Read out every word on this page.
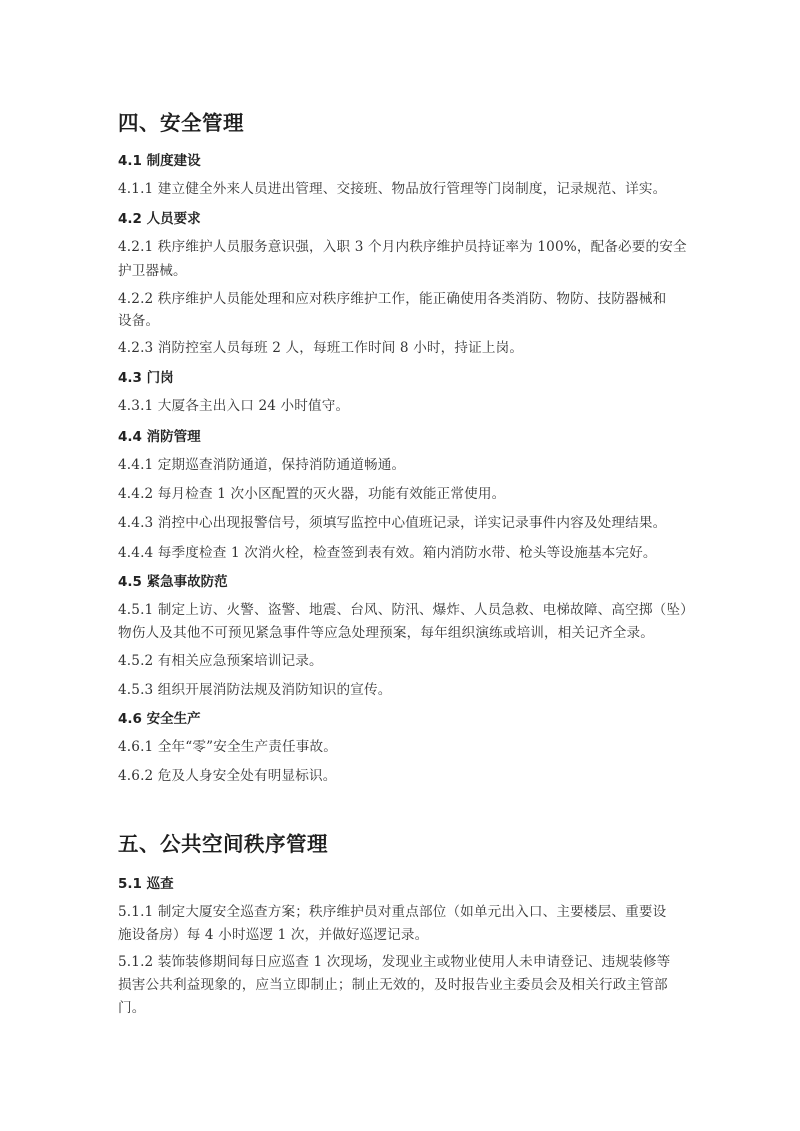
四、安全管理
4.1 制度建设

4.1.1 建立健全外来人员进出管理、交接班、物品放行管理等门岗制度，记录规范、详实。

4.2 人员要求

4.2.1 秩序维护人员服务意识强，入职 3 个月内秩序维护员持证率为 100%，配备必要的安全

护卫器械。

4.2.2 秩序维护人员能处理和应对秩序维护工作，能正确使用各类消防、物防、技防器械和

设备。

4.2.3 消防控室人员每班 2 人，每班工作时间 8 小时，持证上岗。

4.3 门岗

4.3.1 大厦各主出入口 24 小时值守。

4.4 消防管理

4.4.1 定期巡查消防通道，保持消防通道畅通。

4.4.2 每月检查 1 次小区配置的灭火器，功能有效能正常使用。

4.4.3 消控中心出现报警信号，须填写监控中心值班记录，详实记录事件内容及处理结果。

4.4.4 每季度检查 1 次消火栓，检查签到表有效。箱内消防水带、枪头等设施基本完好。

4.5 紧急事故防范

4.5.1 制定上访、火警、盗警、地震、台风、防汛、爆炸、人员急救、电梯故障、高空掷（坠）

物伤人及其他不可预见紧急事件等应急处理预案，每年组织演练或培训，相关记齐全录。

4.5.2 有相关应急预案培训记录。

4.5.3 组织开展消防法规及消防知识的宣传。

4.6 安全生产

4.6.1 全年“零”安全生产责任事故。

4.6.2 危及人身安全处有明显标识。

五、公共空间秩序管理
5.1 巡查

5.1.1 制定大厦安全巡查方案；秩序维护员对重点部位（如单元出入口、主要楼层、重要设

施设备房）每 4 小时巡逻 1 次，并做好巡逻记录。

5.1.2 装饰装修期间每日应巡查 1 次现场，发现业主或物业使用人未申请登记、违规装修等

损害公共利益现象的，应当立即制止；制止无效的，及时报告业主委员会及相关行政主管部

门。
